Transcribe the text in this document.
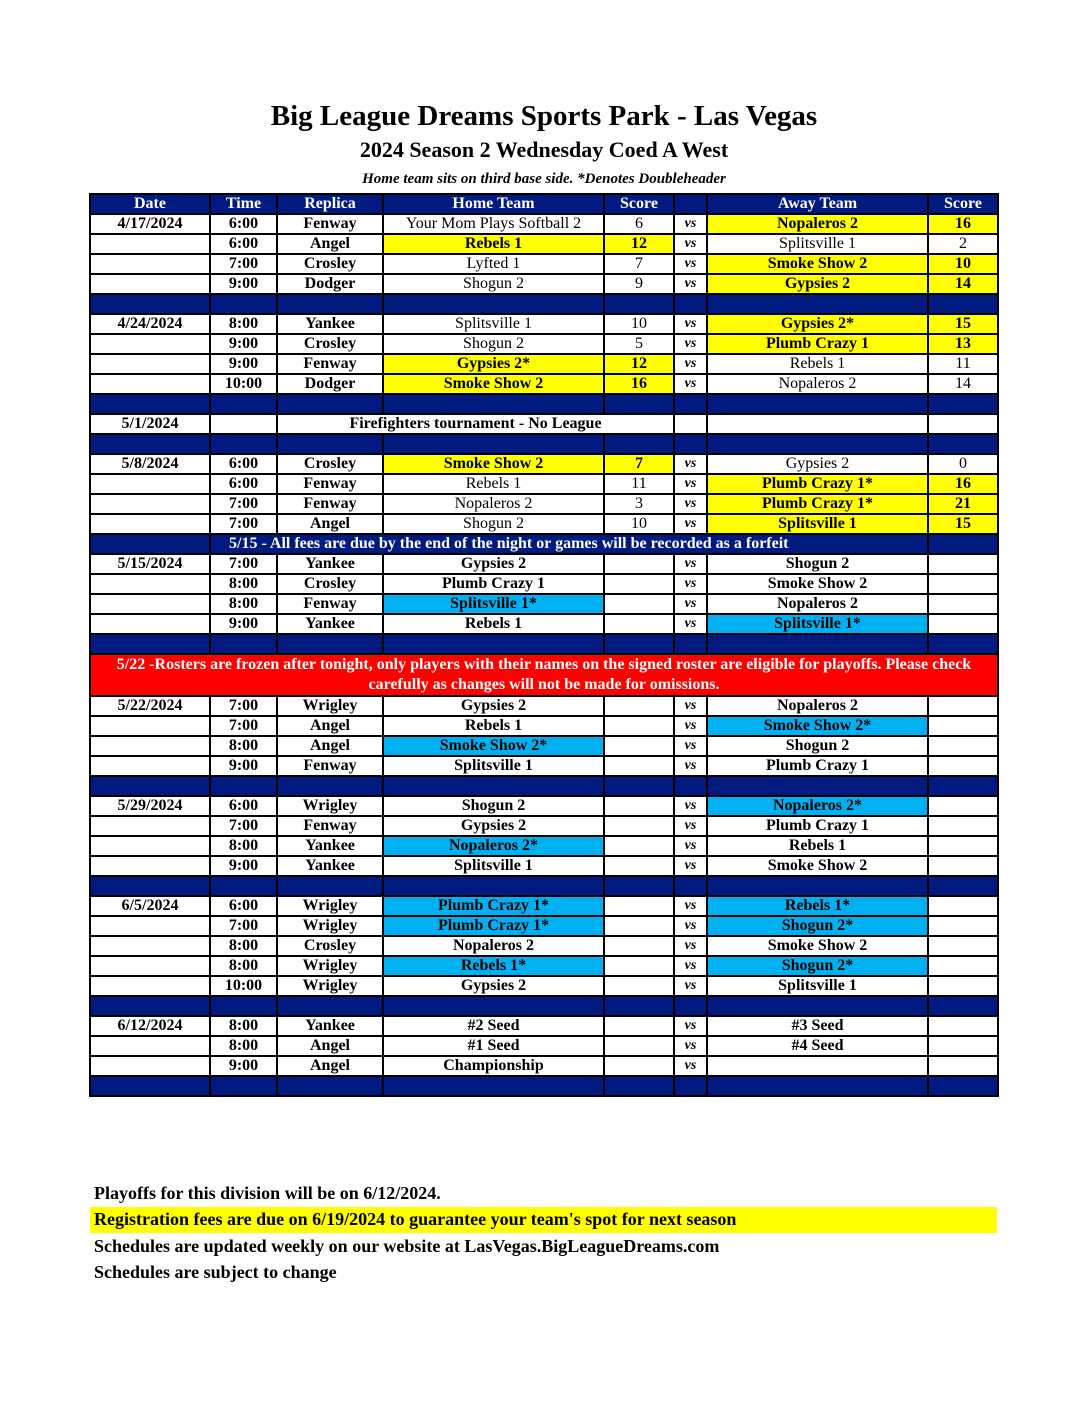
Big League Dreams Sports Park - Las Vegas
2024 Season 2 Wednesday Coed A West
Home team sits on third base side. *Denotes Doubleheader
Date	Time	Replica	Home Team	Score		Away Team	Score
4/17/2024	6:00	Fenway	Your Mom Plays Softball 2	6	vs	Nopaleros 2	16
	6:00	Angel	Rebels 1	12	vs	Splitsville 1	2
	7:00	Crosley	Lyfted 1	7	vs	Smoke Show 2	10
	9:00	Dodger	Shogun 2	9	vs	Gypsies 2	14

4/24/2024	8:00	Yankee	Splitsville 1	10	vs	Gypsies 2*	15
	9:00	Crosley	Shogun 2	5	vs	Plumb Crazy 1	13
	9:00	Fenway	Gypsies 2*	12	vs	Rebels 1	11
	10:00	Dodger	Smoke Show 2	16	vs	Nopaleros 2	14

5/1/2024		Firefighters tournament - No League					

5/8/2024	6:00	Crosley	Smoke Show 2	7	vs	Gypsies 2	0
	6:00	Fenway	Rebels 1	11	vs	Plumb Crazy 1*	16
	7:00	Fenway	Nopaleros 2	3	vs	Plumb Crazy 1*	21
	7:00	Angel	Shogun 2	10	vs	Splitsville 1	15
	5/15 - All fees are due by the end of the night or games will be recorded as a forfeit						
5/15/2024	7:00	Yankee	Gypsies 2		vs	Shogun 2	
	8:00	Crosley	Plumb Crazy 1		vs	Smoke Show 2	
	8:00	Fenway	Splitsville 1*		vs	Nopaleros 2	
	9:00	Yankee	Rebels 1		vs	Splitsville 1*	

5/22 -Rosters are frozen after tonight, only players with their names on the signed roster are eligible for playoffs. Please check carefully as changes will not be made for omissions.							
5/22/2024	7:00	Wrigley	Gypsies 2		vs	Nopaleros 2	
	7:00	Angel	Rebels 1		vs	Smoke Show 2*	
	8:00	Angel	Smoke Show 2*		vs	Shogun 2	
	9:00	Fenway	Splitsville 1		vs	Plumb Crazy 1	

5/29/2024	6:00	Wrigley	Shogun 2		vs	Nopaleros 2*	
	7:00	Fenway	Gypsies 2		vs	Plumb Crazy 1	
	8:00	Yankee	Nopaleros 2*		vs	Rebels 1	
	9:00	Yankee	Splitsville 1		vs	Smoke Show 2	

6/5/2024	6:00	Wrigley	Plumb Crazy 1*		vs	Rebels 1*	
	7:00	Wrigley	Plumb Crazy 1*		vs	Shogun 2*	
	8:00	Crosley	Nopaleros 2		vs	Smoke Show 2	
	8:00	Wrigley	Rebels 1*		vs	Shogun 2*	
	10:00	Wrigley	Gypsies 2		vs	Splitsville 1	

6/12/2024	8:00	Yankee	#2 Seed		vs	#3 Seed	
	8:00	Angel	#1 Seed		vs	#4 Seed	
	9:00	Angel	Championship		vs		

Playoffs for this division will be on 6/12/2024.
Registration fees are due on 6/19/2024 to guarantee your team's spot for next season
Schedules are updated weekly on our website at LasVegas.BigLeagueDreams.com
Schedules are subject to change
